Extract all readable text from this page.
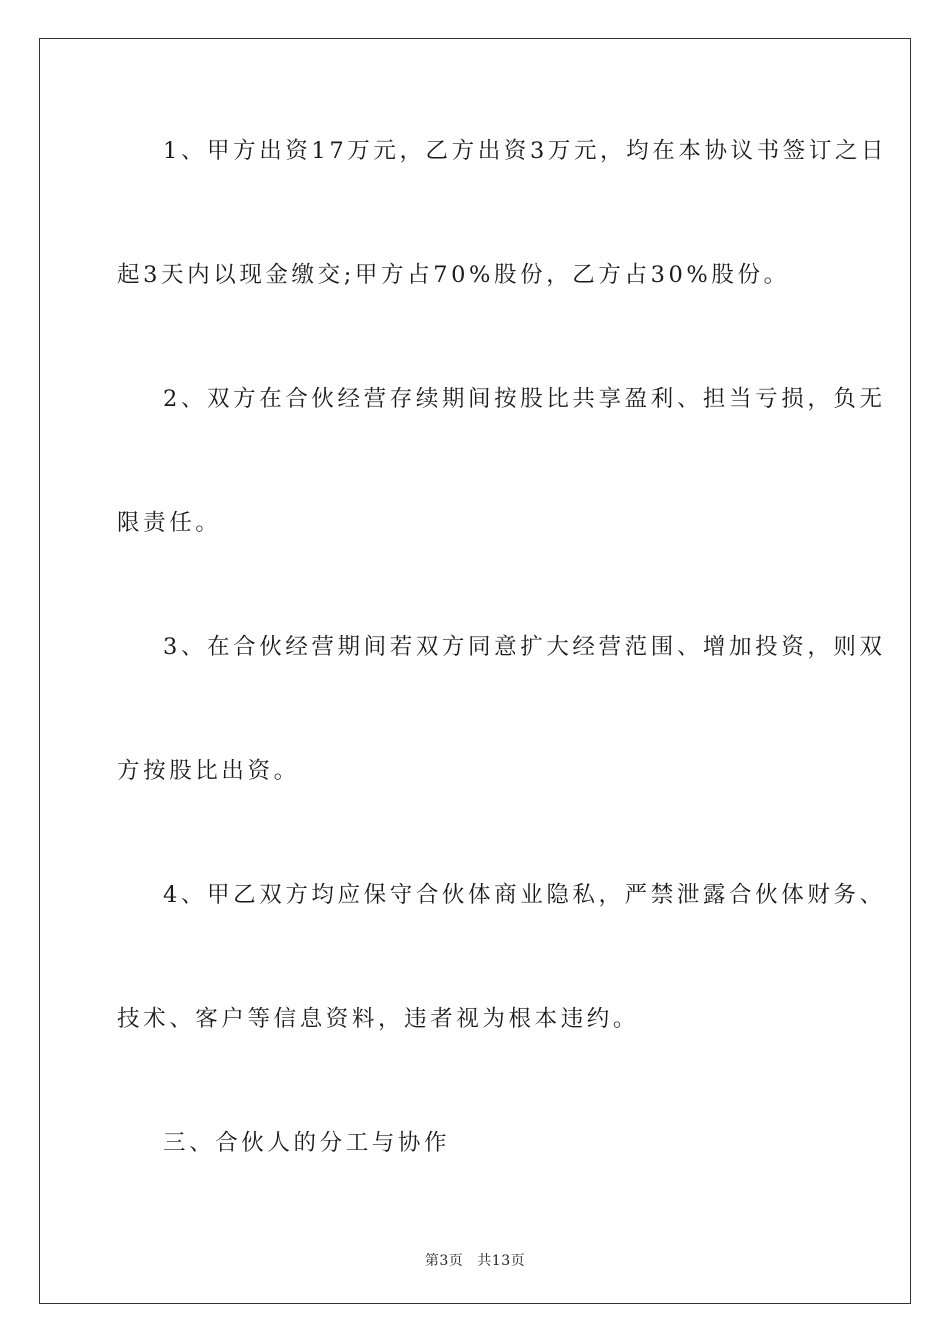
1、甲方出资17万元，乙方出资3万元，均在本协议书签订之日

起3天内以现金缴交;甲方占70%股份，乙方占30%股份。

2、双方在合伙经营存续期间按股比共享盈利、担当亏损，负无

限责任。

3、在合伙经营期间若双方同意扩大经营范围、增加投资，则双

方按股比出资。

4、甲乙双方均应保守合伙体商业隐私，严禁泄露合伙体财务、

技术、客户等信息资料，违者视为根本违约。

三、合伙人的分工与协作

第3页 共13页
